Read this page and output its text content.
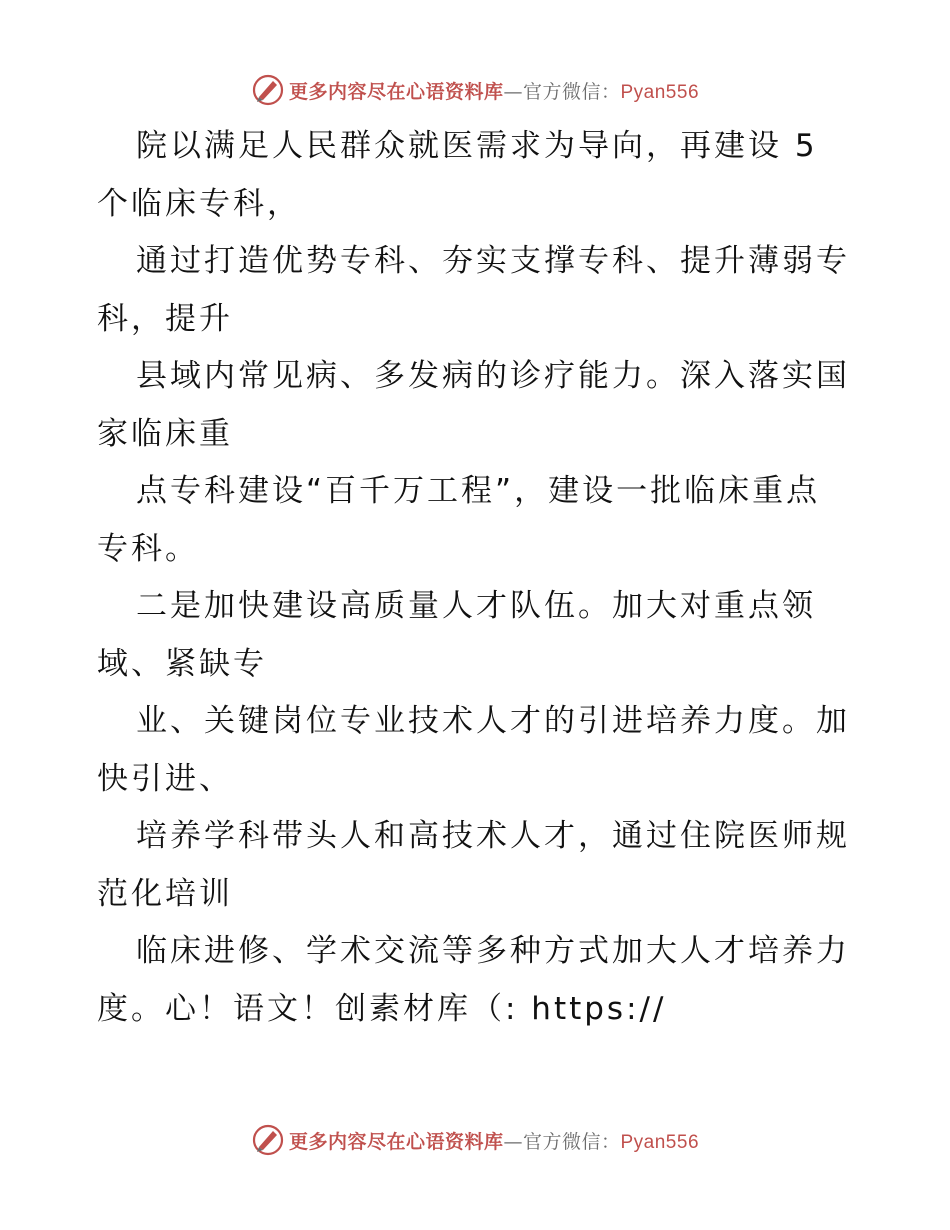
更多内容尽在心语资料库—官方微信：Pyan556
院以满足人民群众就医需求为导向，再建设 5
个临床专科，
通过打造优势专科、夯实支撑专科、提升薄弱专
科，提升
县域内常见病、多发病的诊疗能力。深入落实国
家临床重
点专科建设“百千万工程”，建设一批临床重点
专科。
二是加快建设高质量人才队伍。加大对重点领
域、紧缺专
业、关键岗位专业技术人才的引进培养力度。加
快引进、
培养学科带头人和高技术人才，通过住院医师规
范化培训
临床进修、学术交流等多种方式加大人才培养力
度。心！语文！创素材库（: https://
更多内容尽在心语资料库—官方微信：Pyan556
